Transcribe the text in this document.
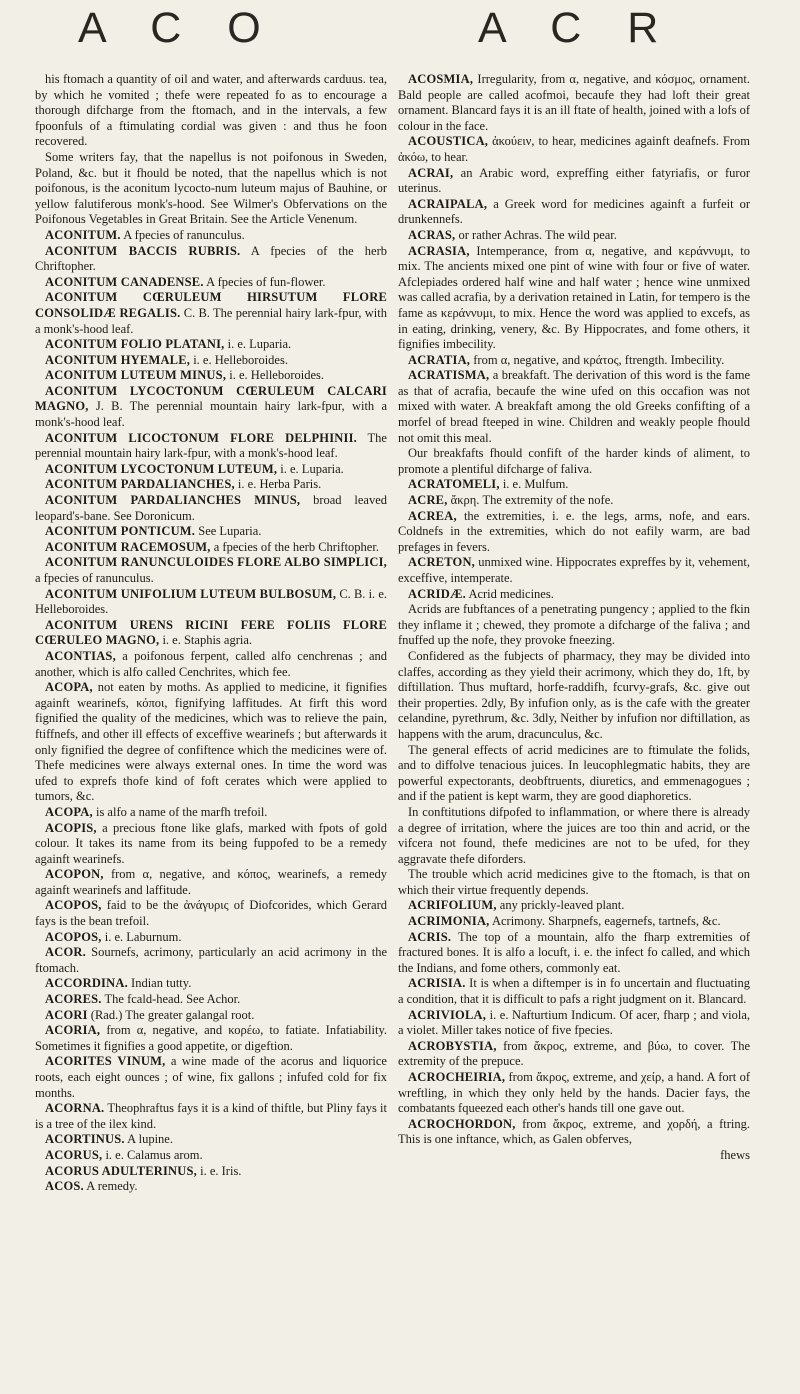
A C O	A C R

his ftomach a quantity of oil and water, and afterwards carduus. tea, by which he vomited ; thefe were repeated fo as to encourage a thorough difcharge from the ftomach, and in the intervals, a few fpoonfuls of a ftimulating cordial was given : and thus he foon recovered.

Some writers fay, that the napellus is not poifonous in Sweden, Poland, &c. but it fhould be noted, that the napellus which is not poifonous, is the aconitum lycocto-num luteum majus of Bauhine, or yellow falutiferous monk's-hood. See Wilmer's Obfervations on the Poifonous Vegetables in Great Britain. See the Article Venenum.

ACONITUM. A fpecies of ranunculus.

ACONITUM BACCIS RUBRIS. A fpecies of the herb Chriftopher.

ACONITUM CANADENSE. A fpecies of fun-flower.

ACONITUM CŒRULEUM HIRSUTUM FLORE CONSOLIDÆ REGALIS. C. B. The perennial hairy lark-fpur, with a monk's-hood leaf.

ACONITUM FOLIO PLATANI, i. e. Luparia.

ACONITUM HYEMALE, i. e. Helleboroides.

ACONITUM LUTEUM MINUS, i. e. Helleboroides.

ACONITUM LYCOCTONUM CŒRULEUM CALCARI MAGNO, J. B. The perennial mountain hairy lark-fpur, with a monk's-hood leaf.

ACONITUM LICOCTONUM FLORE DELPHINII. The perennial mountain hairy lark-fpur, with a monk's-hood leaf.

ACONITUM LYCOCTONUM LUTEUM, i. e. Luparia.

ACONITUM PARDALIANCHES, i. e. Herba Paris.

ACONITUM PARDALIANCHES MINUS, broad leaved leopard's-bane. See Doronicum.

ACONITUM PONTICUM. See Luparia.

ACONITUM RACEMOSUM, a fpecies of the herb Chriftopher.

ACONITUM RANUNCULOIDES FLORE ALBO SIMPLICI, a fpecies of ranunculus.

ACONITUM UNIFOLIUM LUTEUM BULBOSUM, C. B. i. e. Helleboroides.

ACONITUM URENS RICINI FERE FOLIIS FLORE CŒRULEO MAGNO, i. e. Staphis agria.

ACONTIAS, a poifonous ferpent, called alfo cenchrenas ; and another, which is alfo called Cenchrites, which fee.

ACOPA, not eaten by moths. As applied to medicine, it fignifies againft wearinefs, κόποι, fignifying laffitudes. At firft this word fignified the quality of the medicines, which was to relieve the pain, ftiffnefs, and other ill effects of exceffive wearinefs ; but afterwards it only fignified the degree of confiftence which the medicines were of. Thefe medicines were always external ones. In time the word was ufed to exprefs thofe kind of foft cerates which were applied to tumors, &c.

ACOPA, is alfo a name of the marfh trefoil.

ACOPIS, a precious ftone like glafs, marked with fpots of gold colour. It takes its name from its being fuppofed to be a remedy againft wearinefs.

ACOPON, from α, negative, and κόπος, wearinefs, a remedy againft wearinefs and laffitude.

ACOPOS, faid to be the ἀνάγυρις of Diofcorides, which Gerard fays is the bean trefoil.

ACOPOS, i. e. Laburnum.

ACOR. Sournefs, acrimony, particularly an acid acrimony in the ftomach.

ACCORDINA. Indian tutty.

ACORES. The fcald-head. See Achor.

ACORI (Rad.) The greater galangal root.

ACORIA, from α, negative, and κορέω, to fatiate. Infatiability. Sometimes it fignifies a good appetite, or digeftion.

ACORITES VINUM, a wine made of the acorus and liquorice roots, each eight ounces ; of wine, fix gallons ; infufed cold for fix months.

ACORNA. Theophraftus fays it is a kind of thiftle, but Pliny fays it is a tree of the ilex kind.

ACORTINUS. A lupine.

ACORUS, i. e. Calamus arom.

ACORUS ADULTERINUS, i. e. Iris.

ACOS. A remedy.

ACOSMIA, Irregularity, from α, negative, and κόσμος, ornament. Bald people are called acofmoi, becaufe they had loft their great ornament. Blancard fays it is an ill ftate of health, joined with a lofs of colour in the face.

ACOUSTICA, ἀκούειν, to hear, medicines againft deafnefs. From ἀκόω, to hear.

ACRAI, an Arabic word, expreffing either fatyriafis, or furor uterinus.

ACRAIPALA, a Greek word for medicines againft a furfeit or drunkennefs.

ACRAS, or rather Achras. The wild pear.

ACRASIA, Intemperance, from α, negative, and κεράννυμι, to mix. The ancients mixed one pint of wine with four or five of water. Afclepiades ordered half wine and half water ; hence wine unmixed was called acrafia, by a derivation retained in Latin, for tempero is the fame as κεράννυμι, to mix. Hence the word was applied to excefs, as in eating, drinking, venery, &c. By Hippocrates, and fome others, it fignifies imbecility.

ACRATIA, from α, negative, and κράτος, ftrength. Imbecility.

ACRATISMA, a breakfaft. The derivation of this word is the fame as that of acrafia, becaufe the wine ufed on this occafion was not mixed with water. A breakfaft among the old Greeks confifting of a morfel of bread fteeped in wine. Children and weakly people fhould not omit this meal.

Our breakfafts fhould confift of the harder kinds of aliment, to promote a plentiful difcharge of faliva.

ACRATOMELI, i. e. Mulfum.

ACRE, ἄκρη. The extremity of the nofe.

ACREA, the extremities, i. e. the legs, arms, nofe, and ears. Coldnefs in the extremities, which do not eafily warm, are bad prefages in fevers.

ACRETON, unmixed wine. Hippocrates expreffes by it, vehement, exceffive, intemperate.

ACRIDÆ. Acrid medicines.

Acrids are fubftances of a penetrating pungency ; applied to the fkin they inflame it ; chewed, they promote a difcharge of the faliva ; and fnuffed up the nofe, they provoke fneezing.

Confidered as the fubjects of pharmacy, they may be divided into claffes, according as they yield their acrimony, which they do, 1ft, by diftillation. Thus muftard, horfe-raddifh, fcurvy-grafs, &c. give out their properties. 2dly, By infufion only, as is the cafe with the greater celandine, pyrethrum, &c. 3dly, Neither by infufion nor diftillation, as happens with the arum, dracunculus, &c.

The general effects of acrid medicines are to ftimulate the folids, and to diffolve tenacious juices. In leucophlegmatic habits, they are powerful expectorants, deobftruents, diuretics, and emmenagogues ; and if the patient is kept warm, they are good diaphoretics.

In conftitutions difpofed to inflammation, or where there is already a degree of irritation, where the juices are too thin and acrid, or the vifcera not found, thefe medicines are not to be ufed, for they aggravate thefe diforders.

The trouble which acrid medicines give to the ftomach, is that on which their virtue frequently depends.

ACRIFOLIUM, any prickly-leaved plant.

ACRIMONIA, Acrimony. Sharpnefs, eagernefs, tartnefs, &c.

ACRIS. The top of a mountain, alfo the fharp extremities of fractured bones. It is alfo a locuft, i. e. the infect fo called, and which the Indians, and fome others, commonly eat.

ACRISIA. It is when a diftemper is in fo uncertain and fluctuating a condition, that it is difficult to pafs a right judgment on it. Blancard.

ACRIVIOLA, i. e. Nafturtium Indicum. Of acer, fharp ; and viola, a violet. Miller takes notice of five fpecies.

ACROBYSTIA, from ἄκρος, extreme, and βύω, to cover. The extremity of the prepuce.

ACROCHEIRIA, from ἄκρος, extreme, and χείρ, a hand. A fort of wreftling, in which they only held by the hands. Dacier fays, the combatants fqueezed each other's hands till one gave out.

ACROCHORDON, from ἄκρος, extreme, and χορδή, a ftring. This is one inftance, which, as Galen obferves,

fhews
